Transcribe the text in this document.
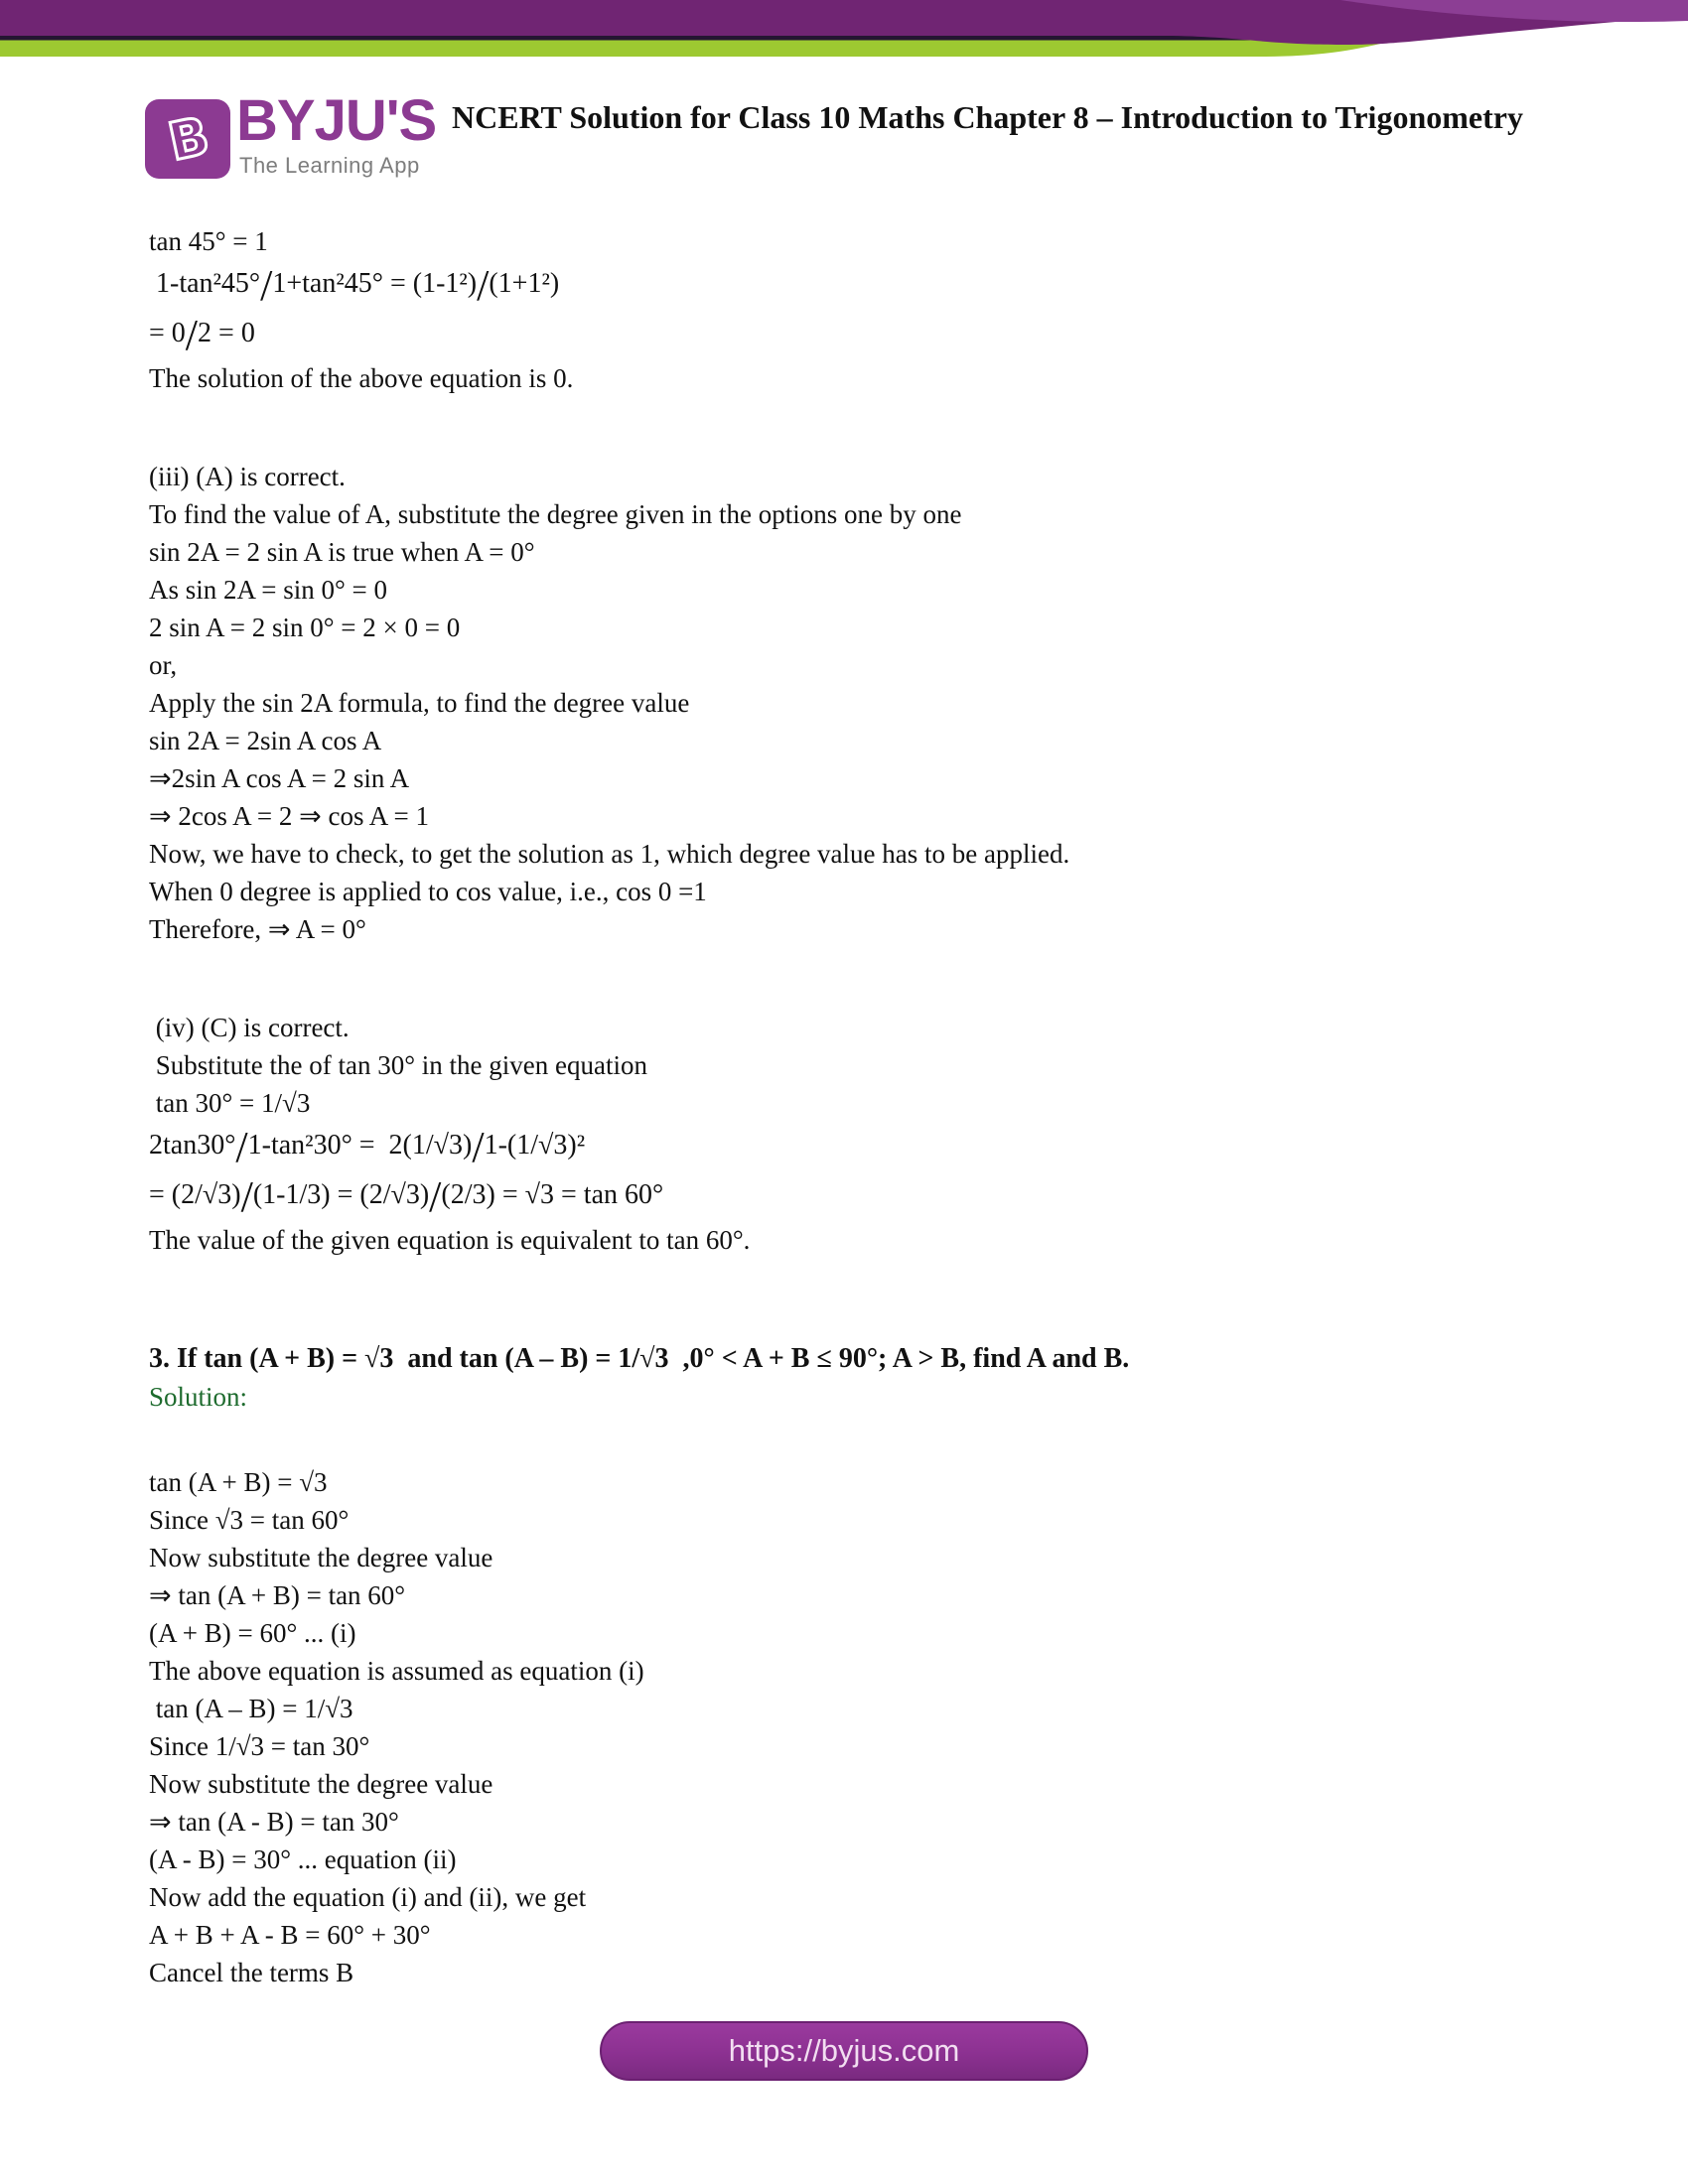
B BYJU'S
The Learning App
NCERT Solution for Class 10 Maths Chapter 8 – Introduction to Trigonometry
tan 45° = 1
1-tan²45°/1+tan²45° = (1-1²)/(1+1²)
= 0/2 = 0
The solution of the above equation is 0.
(iii) (A) is correct.
To find the value of A, substitute the degree given in the options one by one
sin 2A = 2 sin A is true when A = 0°
As sin 2A = sin 0° = 0
2 sin A = 2 sin 0° = 2 × 0 = 0
or,
Apply the sin 2A formula, to find the degree value
sin 2A = 2sin A cos A
⇒2sin A cos A = 2 sin A
⇒ 2cos A = 2 ⇒ cos A = 1
Now, we have to check, to get the solution as 1, which degree value has to be applied.
When 0 degree is applied to cos value, i.e., cos 0 =1
Therefore, ⇒ A = 0°
(iv) (C) is correct.
Substitute the of tan 30° in the given equation
tan 30° = 1/√3
2tan30°/1-tan²30° =  2(1/√3)/1-(1/√3)²
= (2/√3)/(1-1/3) = (2/√3)/(2/3) = √3 = tan 60°
The value of the given equation is equivalent to tan 60°.
3. If tan (A + B) = √3  and tan (A – B) = 1/√3  ,0° < A + B ≤ 90°; A > B, find A and B.
Solution:
tan (A + B) = √3
Since √3 = tan 60°
Now substitute the degree value
⇒ tan (A + B) = tan 60°
(A + B) = 60° ... (i)
The above equation is assumed as equation (i)
tan (A – B) = 1/√3
Since 1/√3 = tan 30°
Now substitute the degree value
⇒ tan (A - B) = tan 30°
(A - B) = 30° ... equation (ii)
Now add the equation (i) and (ii), we get
A + B + A - B = 60° + 30°
Cancel the terms B
https://byjus.com
